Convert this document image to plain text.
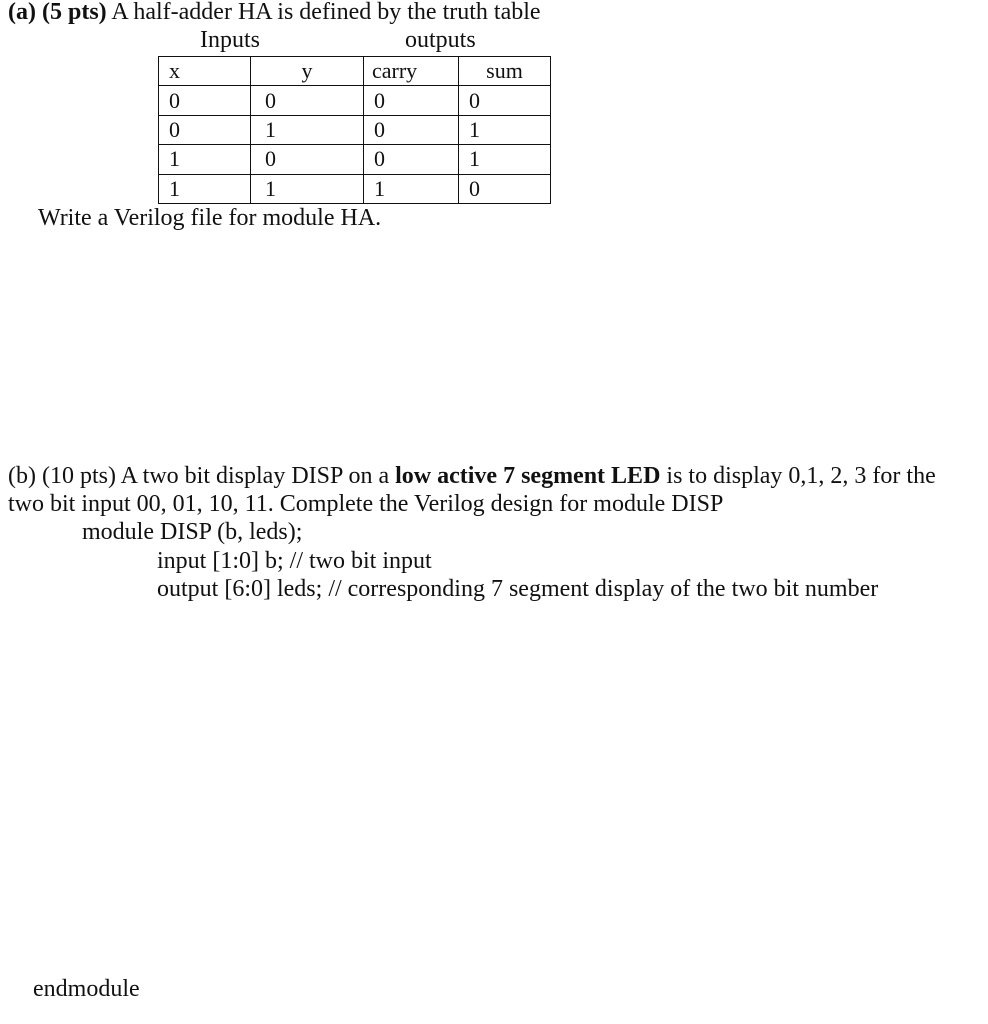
(a) (5 pts) A half-adder HA is defined by the truth table
Inputs	outputs
x	y	carry	sum
0	0	0	0
0	1	0	1
1	0	0	1
1	1	1	0
Write a Verilog file for module HA.
(b) (10 pts) A two bit display DISP on a low active 7 segment LED is to display 0,1, 2, 3 for the
two bit input 00, 01, 10, 11. Complete the Verilog design for module DISP
module DISP (b, leds);
input [1:0] b; // two bit input
output [6:0] leds; // corresponding 7 segment display of the two bit number
endmodule
